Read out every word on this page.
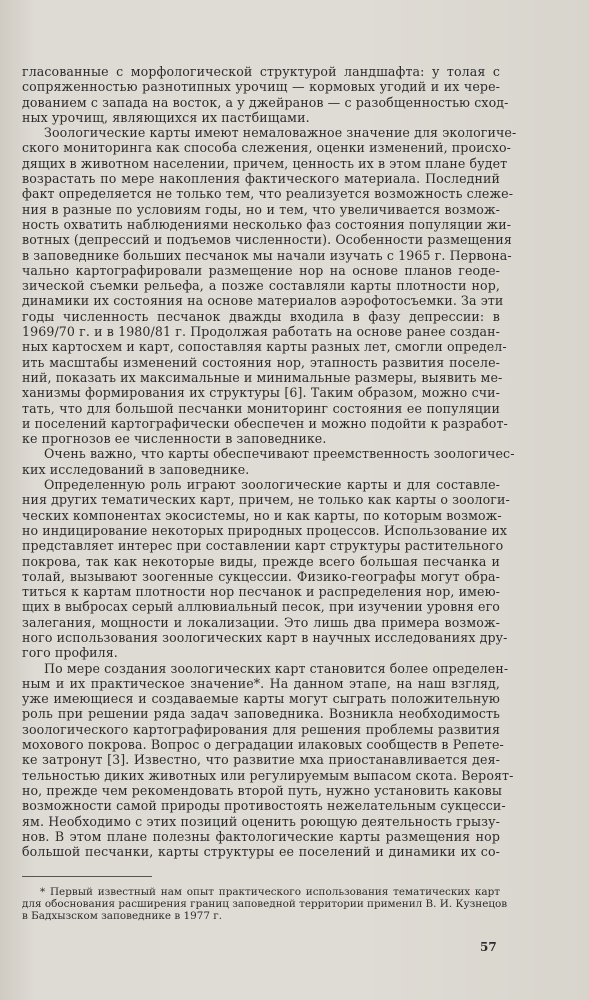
гласованные с морфологической структурой ландшафта: у толая с
сопряженностью разнотипных урочищ — кормовых угодий и их чере-
дованием с запада на восток, а у джейранов — с разобщенностью сход-
ных урочищ, являющихся их пастбищами.
Зоологические карты имеют немаловажное значение для экологиче-
ского мониторинга как способа слежения, оценки изменений, происхо-
дящих в животном населении, причем, ценность их в этом плане будет
возрастать по мере накопления фактического материала. Последний
факт определяется не только тем, что реализуется возможность слеже-
ния в разные по условиям годы, но и тем, что увеличивается возмож-
ность охватить наблюдениями несколько фаз состояния популяции жи-
вотных (депрессий и подъемов численности). Особенности размещения
в заповеднике больших песчанок мы начали изучать с 1965 г. Первона-
чально картографировали размещение нор на основе планов геоде-
зической съемки рельефа, а позже составляли карты плотности нор,
динамики их состояния на основе материалов аэрофотосъемки. За эти
годы численность песчанок дважды входила в фазу депрессии: в
1969/70 г. и в 1980/81 г. Продолжая работать на основе ранее создан-
ных картосхем и карт, сопоставляя карты разных лет, смогли определ-
ить масштабы изменений состояния нор, этапность развития поселе-
ний, показать их максимальные и минимальные размеры, выявить ме-
ханизмы формирования их структуры [6]. Таким образом, можно счи-
тать, что для большой песчанки мониторинг состояния ее популяции
и поселений картографически обеспечен и можно подойти к разработ-
ке прогнозов ее численности в заповеднике.
Очень важно, что карты обеспечивают преемственность зоологичес-
ких исследований в заповеднике.
Определенную роль играют зоологические карты и для составле-
ния других тематических карт, причем, не только как карты о зоологи-
ческих компонентах экосистемы, но и как карты, по которым возмож-
но индицирование некоторых природных процессов. Использование их
представляет интерес при составлении карт структуры растительного
покрова, так как некоторые виды, прежде всего большая песчанка и
толай, вызывают зоогенные сукцессии. Физико-географы могут обра-
титься к картам плотности нор песчанок и распределения нор, имею-
щих в выбросах серый аллювиальный песок, при изучении уровня его
залегания, мощности и локализации. Это лишь два примера возмож-
ного использования зоологических карт в научных исследованиях дру-
гого профиля.
По мере создания зоологических карт становится более определен-
ным и их практическое значение*. На данном этапе, на наш взгляд,
уже имеющиеся и создаваемые карты могут сыграть положительную
роль при решении ряда задач заповедника. Возникла необходимость
зоологического картографирования для решения проблемы развития
мохового покрова. Вопрос о деградации илаковых сообществ в Репете-
ке затронут [3]. Известно, что развитие мха приостанавливается дея-
тельностью диких животных или регулируемым выпасом скота. Вероят-
но, прежде чем рекомендовать второй путь, нужно установить каковы
возможности самой природы противостоять нежелательным сукцесси-
ям. Необходимо с этих позиций оценить роющую деятельность грызу-
нов. В этом плане полезны фактологические карты размещения нор
большой песчанки, карты структуры ее поселений и динамики их со-
* Первый известный нам опыт практического использования тематических карт
для обоснования расширения границ заповедной территории применил В. И. Кузнецов
в Бадхызском заповеднике в 1977 г.
57
